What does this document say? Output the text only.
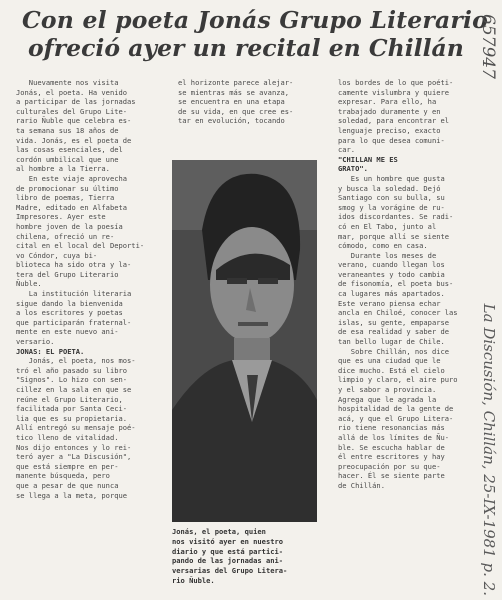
Con el poeta Jonás Grupo Literario
ofreció ayer un recital en Chillán

Nuevamente nos visita

Jonás, el poeta. Ha venido

a participar de las jornadas

culturales del Grupo Lite-

rario Ñuble que celebra es-

ta semana sus 18 años de

vida. Jonás, es el poeta de

las cosas esenciales, del

cordón umbilical que une

al hombre a la Tierra.

En este viaje aprovecha

de promocionar su último

libro de poemas, Tierra

Madre, editado en Alfabeta

Impresores. Ayer este

hombre joven de la poesía

chilena, ofreció un re-

cital en el local del Deporti-

vo Cóndor, cuya bi-

blioteca ha sido otra y la-

tera del Grupo Literario

Ñuble.

La institución literaria

sigue dando la bienvenida

a los escritores y poetas

que participarán fraternal-

mente en este nuevo ani-

versario.

JONAS: EL POETA.

Jonás, el poeta, nos mos-

tró el año pasado su libro

"Signos". Lo hizo con sen-

cillez en la sala en que se

reúne el Grupo Literario,

facilitada por Santa Ceci-

lia que es su propietaria.

Allí entregó su mensaje poé-

tico lleno de vitalidad.

Nos dijo entonces y lo rei-

teró ayer a "La Discusión",

que está siempre en per-

manente búsqueda, pero

que a pesar de que nunca

se llega a la meta, porque

el horizonte parece alejar-

se mientras más se avanza,

se encuentra en una etapa

de su vida, en que cree es-

tar en evolución, tocando

los bordes de lo que poéti-

camente vislumbra y quiere

expresar. Para ello, ha

trabajado duramente y en

soledad, para encontrar el

lenguaje preciso, exacto

para lo que desea comuni-

car.

"CHILLAN ME ES

GRATO".

Es un hombre que gusta

y busca la soledad. Dejó

Santiago con su bulla, su

smog y la vorágine de ru-

idos discordantes. Se radi-

có en El Tabo, junto al

mar, porque allí se siente

cómodo, como en casa.

Durante los meses de

verano, cuando llegan los

veraneantes y todo cambia

de fisonomía, el poeta bus-

ca lugares más apartados.

Este verano piensa echar

ancla en Chiloé, conocer las

islas, su gente, empaparse

de esa realidad y saber de

tan bello lugar de Chile.

Sobre Chillán, nos dice

que es una ciudad que le

dice mucho. Está el cielo

limpio y claro, el aire puro

y el sabor a provincia.

Agrega que le agrada la

hospitalidad de la gente de

acá, y que el Grupo Litera-

rio tiene resonancias más

allá de los límites de Ñu-

ble. Se escucha hablar de

él entre escritores y hay

preocupación por su que-

hacer. Él se siente parte

de Chillán.

Jonás, el poeta, quien

nos visitó ayer en nuestro

diario y que está partici-

pando de las jornadas ani-

versarias del Grupo Litera-

rio Ñuble.	La Discusión, Chillán, 25-IX-1981 p. 2.
657947
